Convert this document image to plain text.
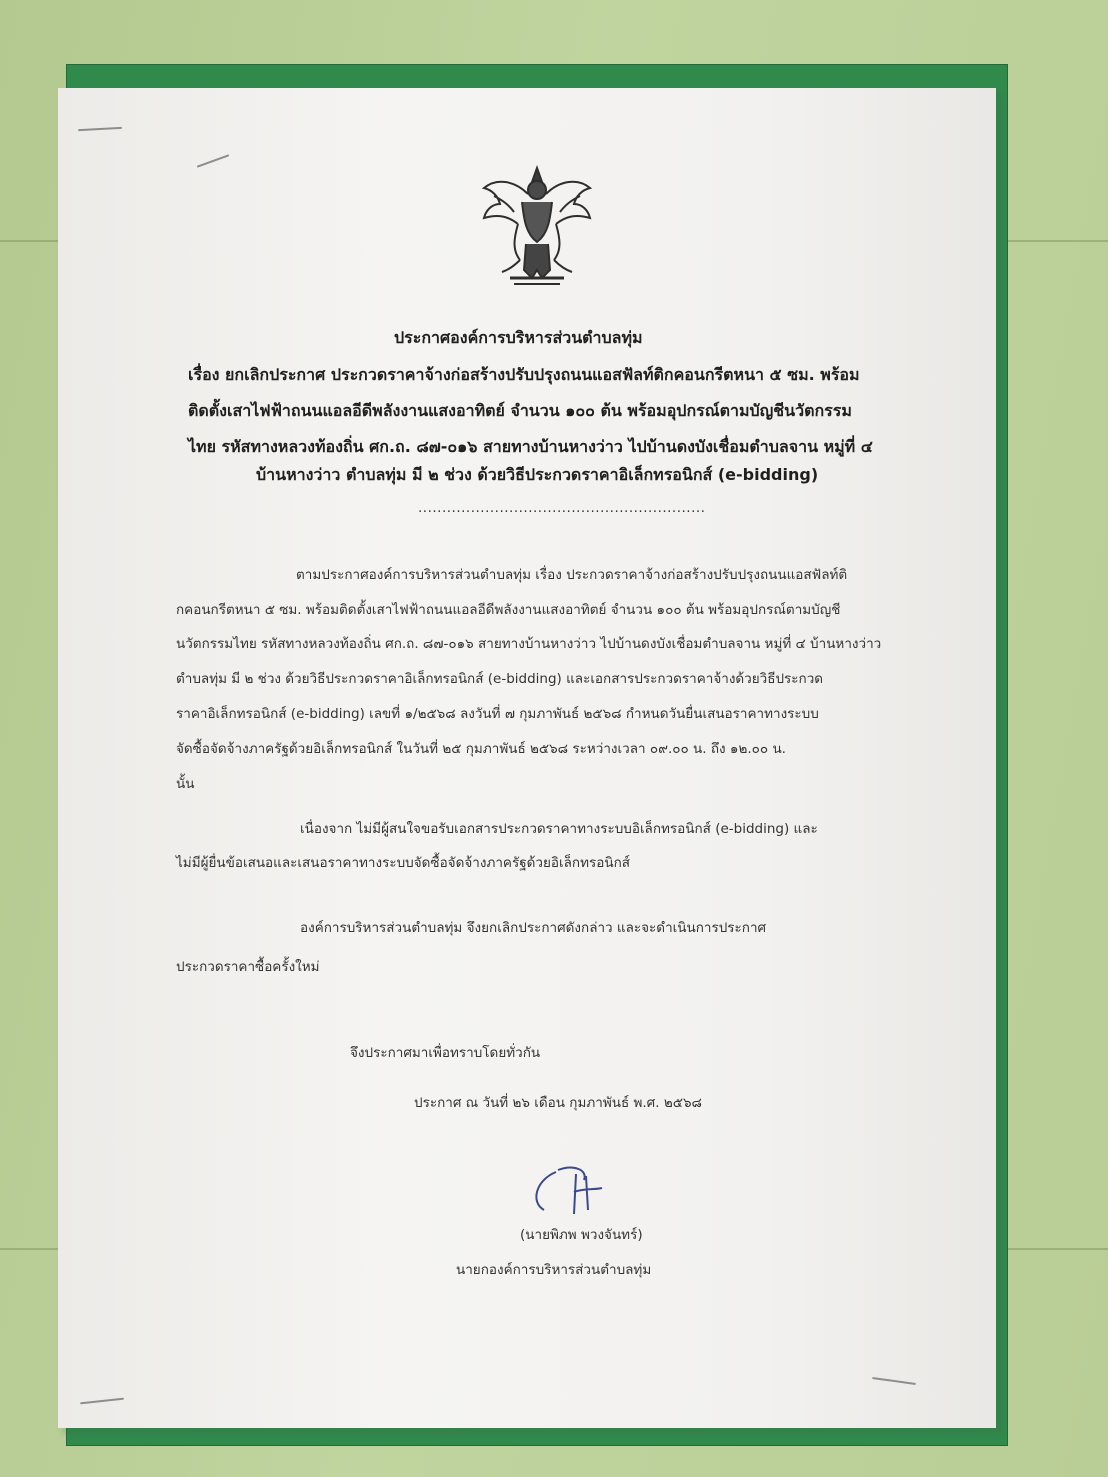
ประกาศองค์การบริหารส่วนตำบลทุ่ม

เรื่อง ยกเลิกประกาศ ประกวดราคาจ้างก่อสร้างปรับปรุงถนนแอสฟัลท์ติกคอนกรีตหนา ๕ ซม. พร้อม

ติดตั้งเสาไฟฟ้าถนนแอลอีดีพลังงานแสงอาทิตย์ จำนวน ๑๐๐ ต้น พร้อมอุปกรณ์ตามบัญชีนวัตกรรม

ไทย รหัสทางหลวงท้องถิ่น ศก.ถ. ๘๗-๐๑๖ สายทางบ้านหางว่าว ไปบ้านดงบังเชื่อมตำบลจาน หมู่ที่ ๔

บ้านหางว่าว ตำบลทุ่ม มี ๒ ช่วง ด้วยวิธีประกวดราคาอิเล็กทรอนิกส์ (e-bidding)

............................................................

ตามประกาศองค์การบริหารส่วนตำบลทุ่ม เรื่อง ประกวดราคาจ้างก่อสร้างปรับปรุงถนนแอสฟัลท์ติ

กคอนกรีตหนา ๕ ซม. พร้อมติดตั้งเสาไฟฟ้าถนนแอลอีดีพลังงานแสงอาทิตย์ จำนวน ๑๐๐ ต้น พร้อมอุปกรณ์ตามบัญชี

นวัตกรรมไทย รหัสทางหลวงท้องถิ่น ศก.ถ. ๘๗-๐๑๖ สายทางบ้านหางว่าว ไปบ้านดงบังเชื่อมตำบลจาน หมู่ที่ ๔ บ้านหางว่าว

ตำบลทุ่ม มี ๒ ช่วง ด้วยวิธีประกวดราคาอิเล็กทรอนิกส์ (e-bidding) และเอกสารประกวดราคาจ้างด้วยวิธีประกวด

ราคาอิเล็กทรอนิกส์ (e-bidding) เลขที่ ๑/๒๕๖๘ ลงวันที่ ๗ กุมภาพันธ์ ๒๕๖๘ กำหนดวันยื่นเสนอราคาทางระบบ

จัดซื้อจัดจ้างภาครัฐด้วยอิเล็กทรอนิกส์ ในวันที่ ๒๕ กุมภาพันธ์ ๒๕๖๘ ระหว่างเวลา ๐๙.๐๐ น. ถึง ๑๒.๐๐ น.

นั้น

เนื่องจาก ไม่มีผู้สนใจขอรับเอกสารประกวดราคาทางระบบอิเล็กทรอนิกส์ (e-bidding) และ

ไม่มีผู้ยื่นข้อเสนอและเสนอราคาทางระบบจัดซื้อจัดจ้างภาครัฐด้วยอิเล็กทรอนิกส์

องค์การบริหารส่วนตำบลทุ่ม จึงยกเลิกประกาศดังกล่าว และจะดำเนินการประกาศ

ประกวดราคาซื้อครั้งใหม่

จึงประกาศมาเพื่อทราบโดยทั่วกัน

ประกาศ ณ วันที่ ๒๖ เดือน กุมภาพันธ์ พ.ศ. ๒๕๖๘

(นายพิภพ พวงจันทร์)

นายกองค์การบริหารส่วนตำบลทุ่ม
